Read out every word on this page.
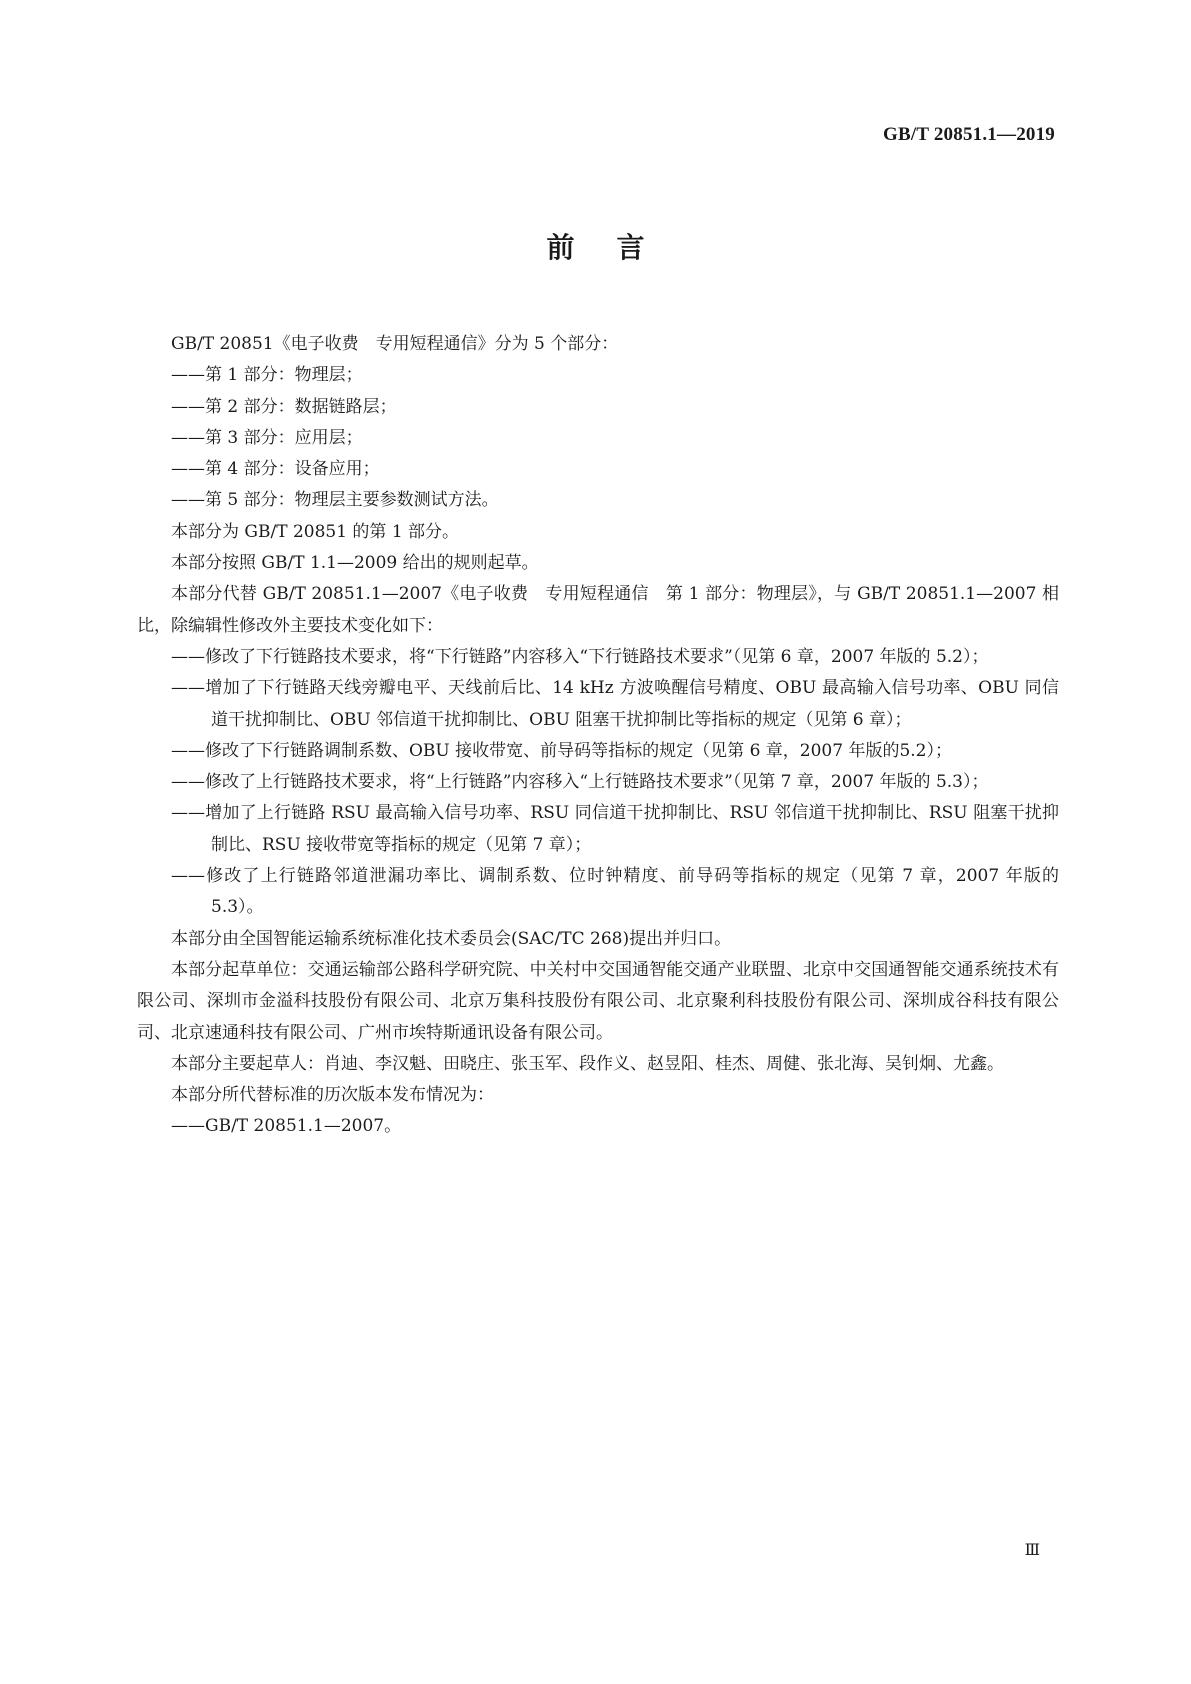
GB/T 20851.1—2019
前言

GB/T 20851《电子收费　专用短程通信》分为 5 个部分：

——第 1 部分：物理层；

——第 2 部分：数据链路层；

——第 3 部分：应用层；

——第 4 部分：设备应用；

——第 5 部分：物理层主要参数测试方法。

本部分为 GB/T 20851 的第 1 部分。

本部分按照 GB/T 1.1—2009 给出的规则起草。

本部分代替 GB/T 20851.1—2007《电子收费　专用短程通信　第 1 部分：物理层》，与 GB/T 20851.1—2007 相比，除编辑性修改外主要技术变化如下：

——修改了下行链路技术要求，将“下行链路”内容移入“下行链路技术要求”（见第 6 章，2007 年版的 5.2）；

——增加了下行链路天线旁瓣电平、天线前后比、14 kHz 方波唤醒信号精度、OBU 最高输入信号功率、OBU 同信道干扰抑制比、OBU 邻信道干扰抑制比、OBU 阻塞干扰抑制比等指标的规定（见第 6 章）；

——修改了下行链路调制系数、OBU 接收带宽、前导码等指标的规定（见第 6 章，2007 年版的5.2）；

——修改了上行链路技术要求，将“上行链路”内容移入“上行链路技术要求”（见第 7 章，2007 年版的 5.3）；

——增加了上行链路 RSU 最高输入信号功率、RSU 同信道干扰抑制比、RSU 邻信道干扰抑制比、RSU 阻塞干扰抑制比、RSU 接收带宽等指标的规定（见第 7 章）；

——修改了上行链路邻道泄漏功率比、调制系数、位时钟精度、前导码等指标的规定（见第 7 章，2007 年版的 5.3）。

本部分由全国智能运输系统标准化技术委员会(SAC/TC 268)提出并归口。

本部分起草单位：交通运输部公路科学研究院、中关村中交国通智能交通产业联盟、北京中交国通智能交通系统技术有限公司、深圳市金溢科技股份有限公司、北京万集科技股份有限公司、北京聚利科技股份有限公司、深圳成谷科技有限公司、北京速通科技有限公司、广州市埃特斯通讯设备有限公司。

本部分主要起草人：肖迪、李汉魁、田晓庄、张玉军、段作义、赵昱阳、桂杰、周健、张北海、吴钊炯、尤鑫。

本部分所代替标准的历次版本发布情况为：

——GB/T 20851.1—2007。

Ⅲ
